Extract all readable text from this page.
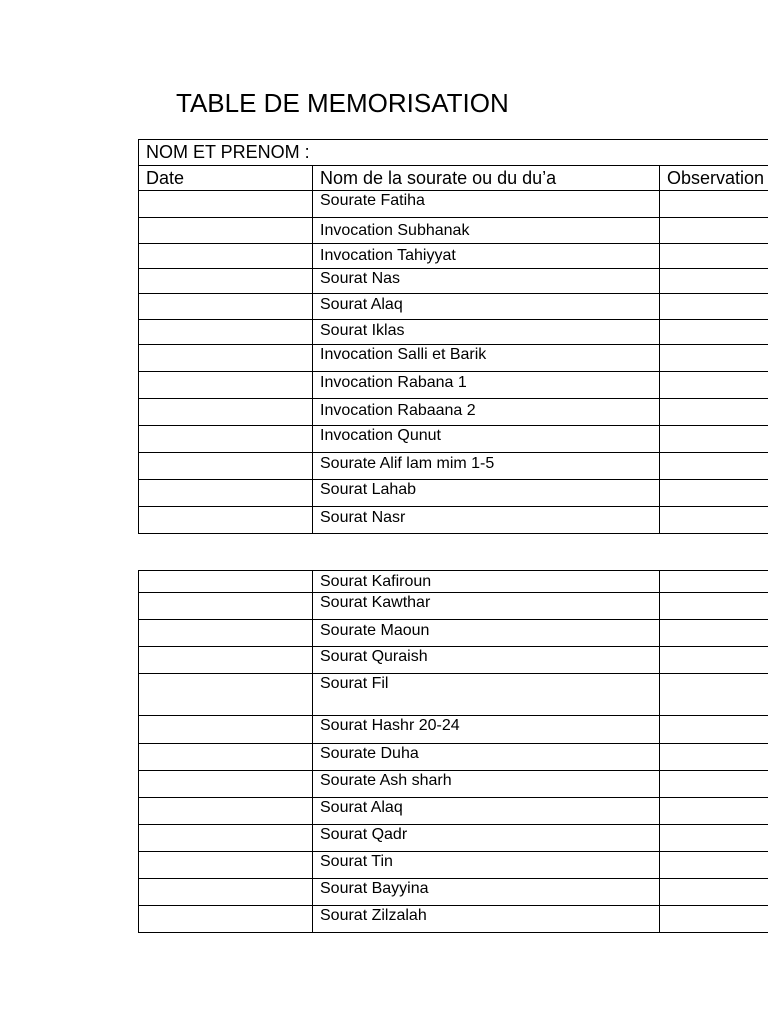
TABLE DE MEMORISATION
NOM ET PRENOM :		
Date	Nom de la sourate ou du du’a	Observation
	Sourate Fatiha	
	Invocation Subhanak	
	Invocation Tahiyyat	
	Sourat Nas	
	Sourat Alaq	
	Sourat Iklas	
	Invocation Salli et Barik	
	Invocation Rabana 1	
	Invocation Rabaana 2	
	Invocation Qunut	
	Sourate Alif lam mim 1-5	
	Sourat Lahab	
	Sourat Nasr	
	Sourat Kafiroun	
	Sourat Kawthar	
	Sourate Maoun	
	Sourat Quraish	
	Sourat Fil	
	Sourat Hashr 20-24	
	Sourate Duha	
	Sourate Ash sharh	
	Sourat Alaq	
	Sourat Qadr	
	Sourat Tin	
	Sourat Bayyina	
	Sourat Zilzalah	
